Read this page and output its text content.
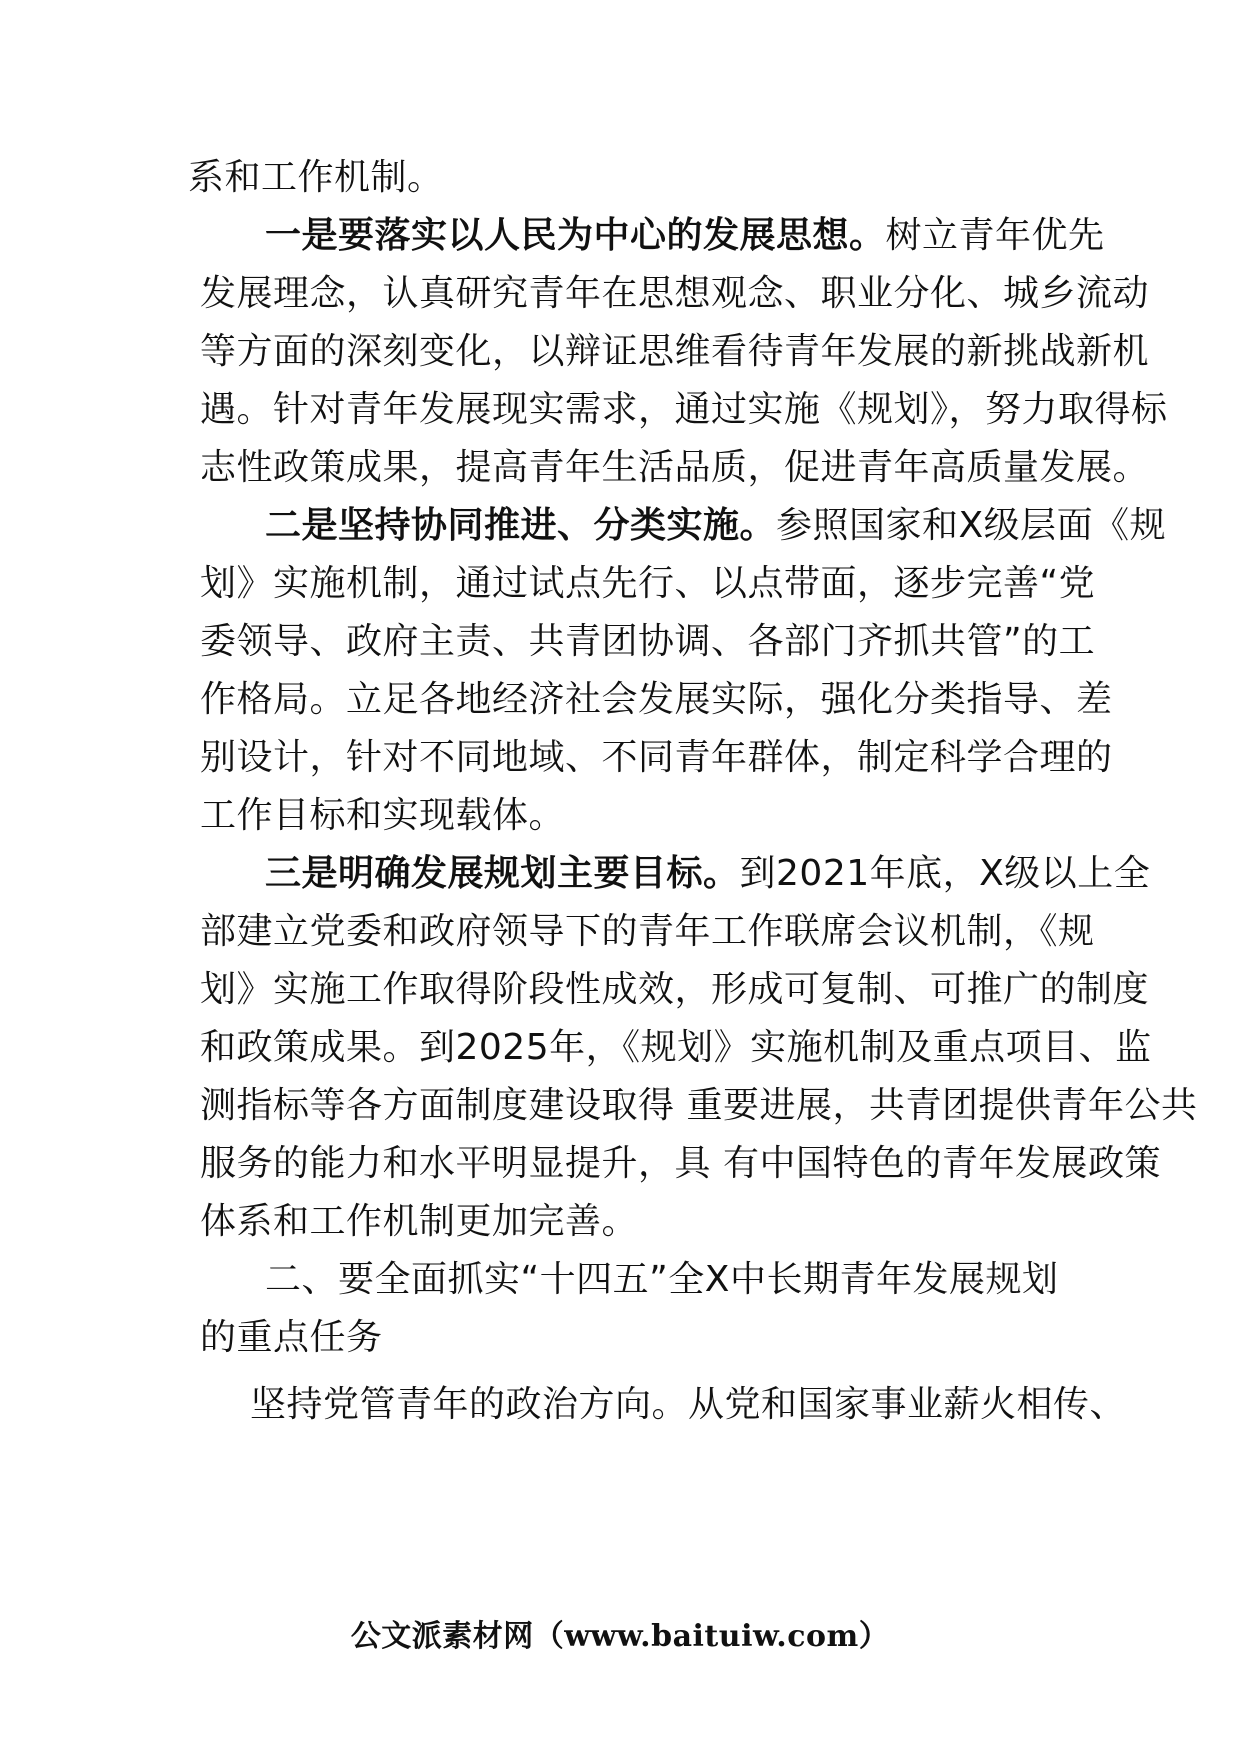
系和工作机制。
一是要落实以人民为中心的发展思想。树立青年优先
发展理念，认真研究青年在思想观念、职业分化、城乡流动
等方面的深刻变化，以辩证思维看待青年发展的新挑战新机
遇。针对青年发展现实需求，通过实施《规划》，努力取得标
志性政策成果，提高青年生活品质，促进青年高质量发展。
二是坚持协同推进、分类实施。参照国家和X级层面《规
划》实施机制，通过试点先行、以点带面，逐步完善“党
委领导、政府主责、共青团协调、各部门齐抓共管”的工
作格局。立足各地经济社会发展实际，强化分类指导、差
别设计，针对不同地域、不同青年群体，制定科学合理的
工作目标和实现载体。
三是明确发展规划主要目标。到2021年底，X级以上全
部建立党委和政府领导下的青年工作联席会议机制，《规
划》实施工作取得阶段性成效，形成可复制、可推广的制度
和政策成果。到2025年，《规划》实施机制及重点项目、监
测指标等各方面制度建设取得 重要进展，共青团提供青年公共
服务的能力和水平明显提升，具 有中国特色的青年发展政策
体系和工作机制更加完善。
二、要全面抓实“十四五”全X中长期青年发展规划
的重点任务
坚持党管青年的政治方向。从党和国家事业薪火相传、
公文派素材网（www.baituiw.com）
